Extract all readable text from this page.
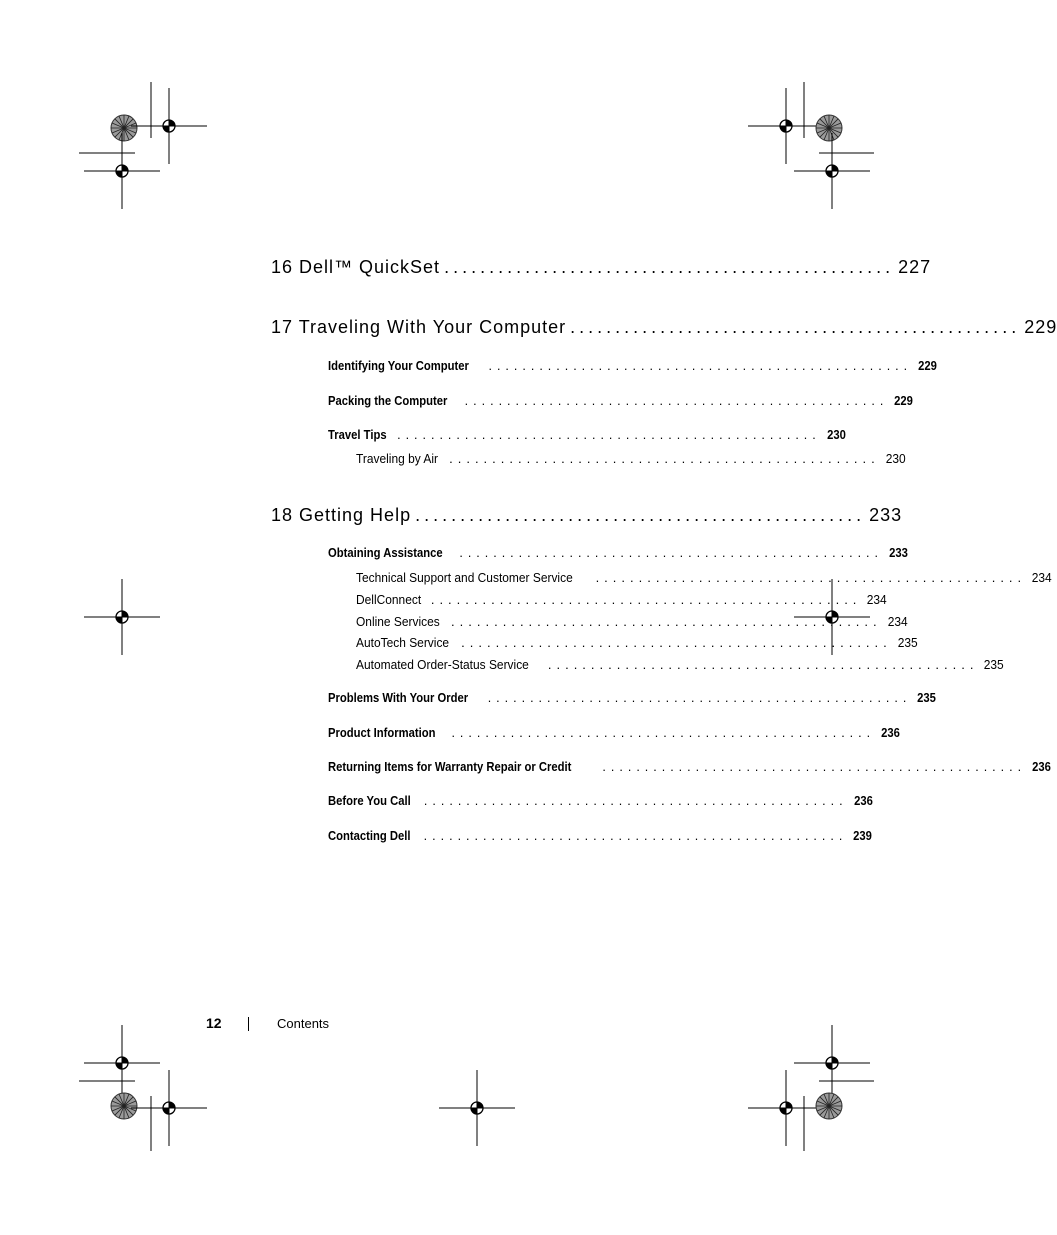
16 Dell™ QuickSet .................................................. 227
17 Traveling With Your Computer .................................................. 229
Identifying Your Computer .................................................. 229
Packing the Computer .................................................. 229
Travel Tips .................................................. 230
Traveling by Air .................................................. 230
18 Getting Help .................................................. 233
Obtaining Assistance .................................................. 233
Technical Support and Customer Service .................................................. 234
DellConnect .................................................. 234
Online Services .................................................. 234
AutoTech Service .................................................. 235
Automated Order-Status Service .................................................. 235
Problems With Your Order .................................................. 235
Product Information .................................................. 236
Returning Items for Warranty Repair or Credit .................................................. 236
Before You Call .................................................. 236
Contacting Dell .................................................. 239
12	Contents
